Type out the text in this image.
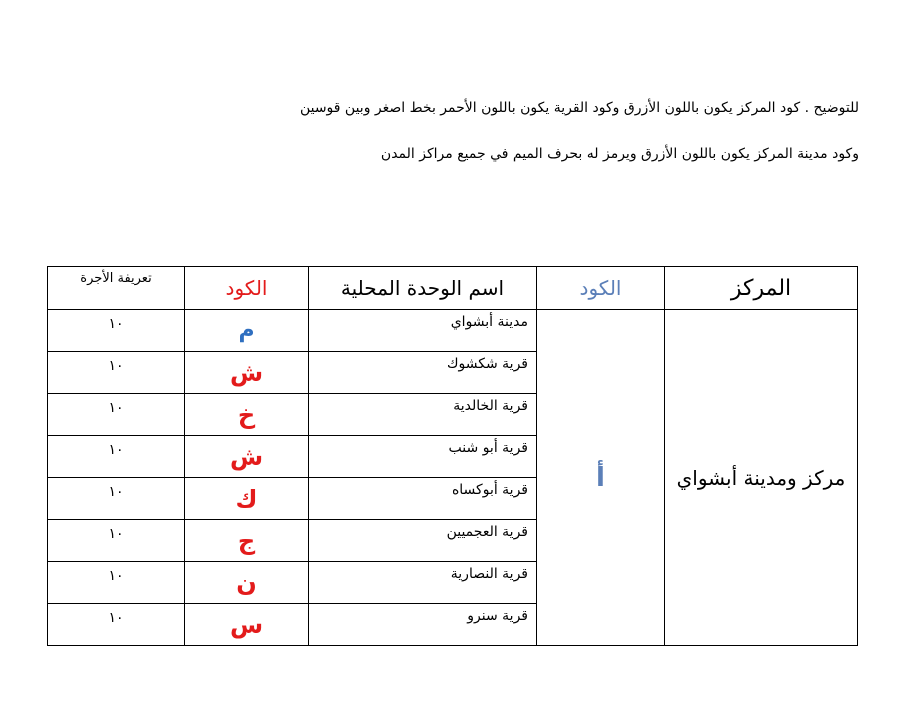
للتوضيح . كود المركز يكون باللون الأزرق وكود القرية يكون باللون الأحمر بخط اصغر وبين قوسين
وكود مدينة المركز يكون باللون الأزرق ويرمز له بحرف الميم في جميع مراكز المدن
المركز	الكود	اسم الوحدة المحلية	الكود	تعريفة الأجرة
مركز ومدينة أبشواي	أ	مدينة أبشواي	م	١٠
		قرية شكشوك	ش	١٠
		قرية الخالدية	خ	١٠
		قرية أبو شنب	ش	١٠
		قرية أبوكساه	ك	١٠
		قرية العجميين	ج	١٠
		قرية النصارية	ن	١٠
		قرية سنرو	س	١٠
